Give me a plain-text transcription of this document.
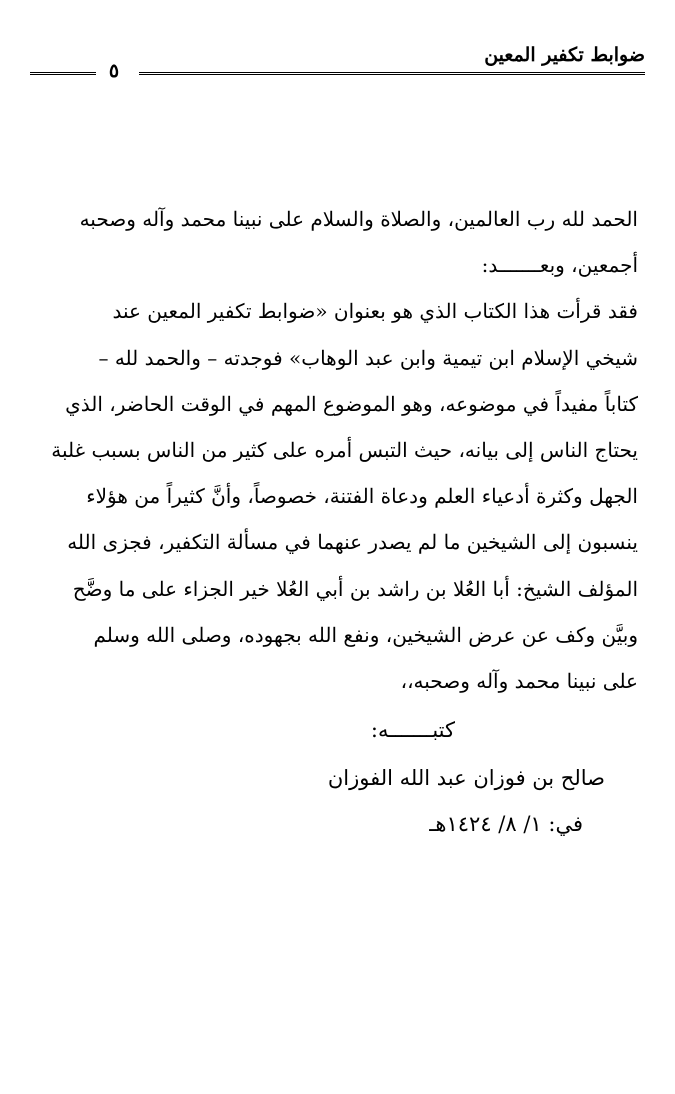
ضوابط تكفير المعين
٥
الحمد لله رب العالمين، والصلاة والسلام على نبينا محمد وآله وصحبه
أجمعين، وبعـــــــد:
فقد قرأت هذا الكتاب الذي هو بعنوان «ضوابط تكفير المعين عند
شيخي الإسلام ابن تيمية وابن عبد الوهاب» فوجدته – والحمد لله –
كتاباً مفيداً في موضوعه، وهو الموضوع المهم في الوقت الحاضر، الذي
يحتاج الناس إلى بيانه، حيث التبس أمره على كثير من الناس بسبب غلبة
الجهل وكثرة أدعياء العلم ودعاة الفتنة، خصوصاً، وأنَّ كثيراً من هؤلاء
ينسبون إلى الشيخين ما لم يصدر عنهما في مسألة التكفير، فجزى الله
المؤلف الشيخ: أبا العُلا بن راشد بن أبي العُلا خير الجزاء على ما وضَّح
وبيَّن وكف عن عرض الشيخين، ونفع الله بجهوده، وصلى الله وسلم
على نبينا محمد وآله وصحبه،،
كتبـــــــه:
صالح بن فوزان عبد الله الفوزان
في: ١/ ٨/ ١٤٢٤هـ
